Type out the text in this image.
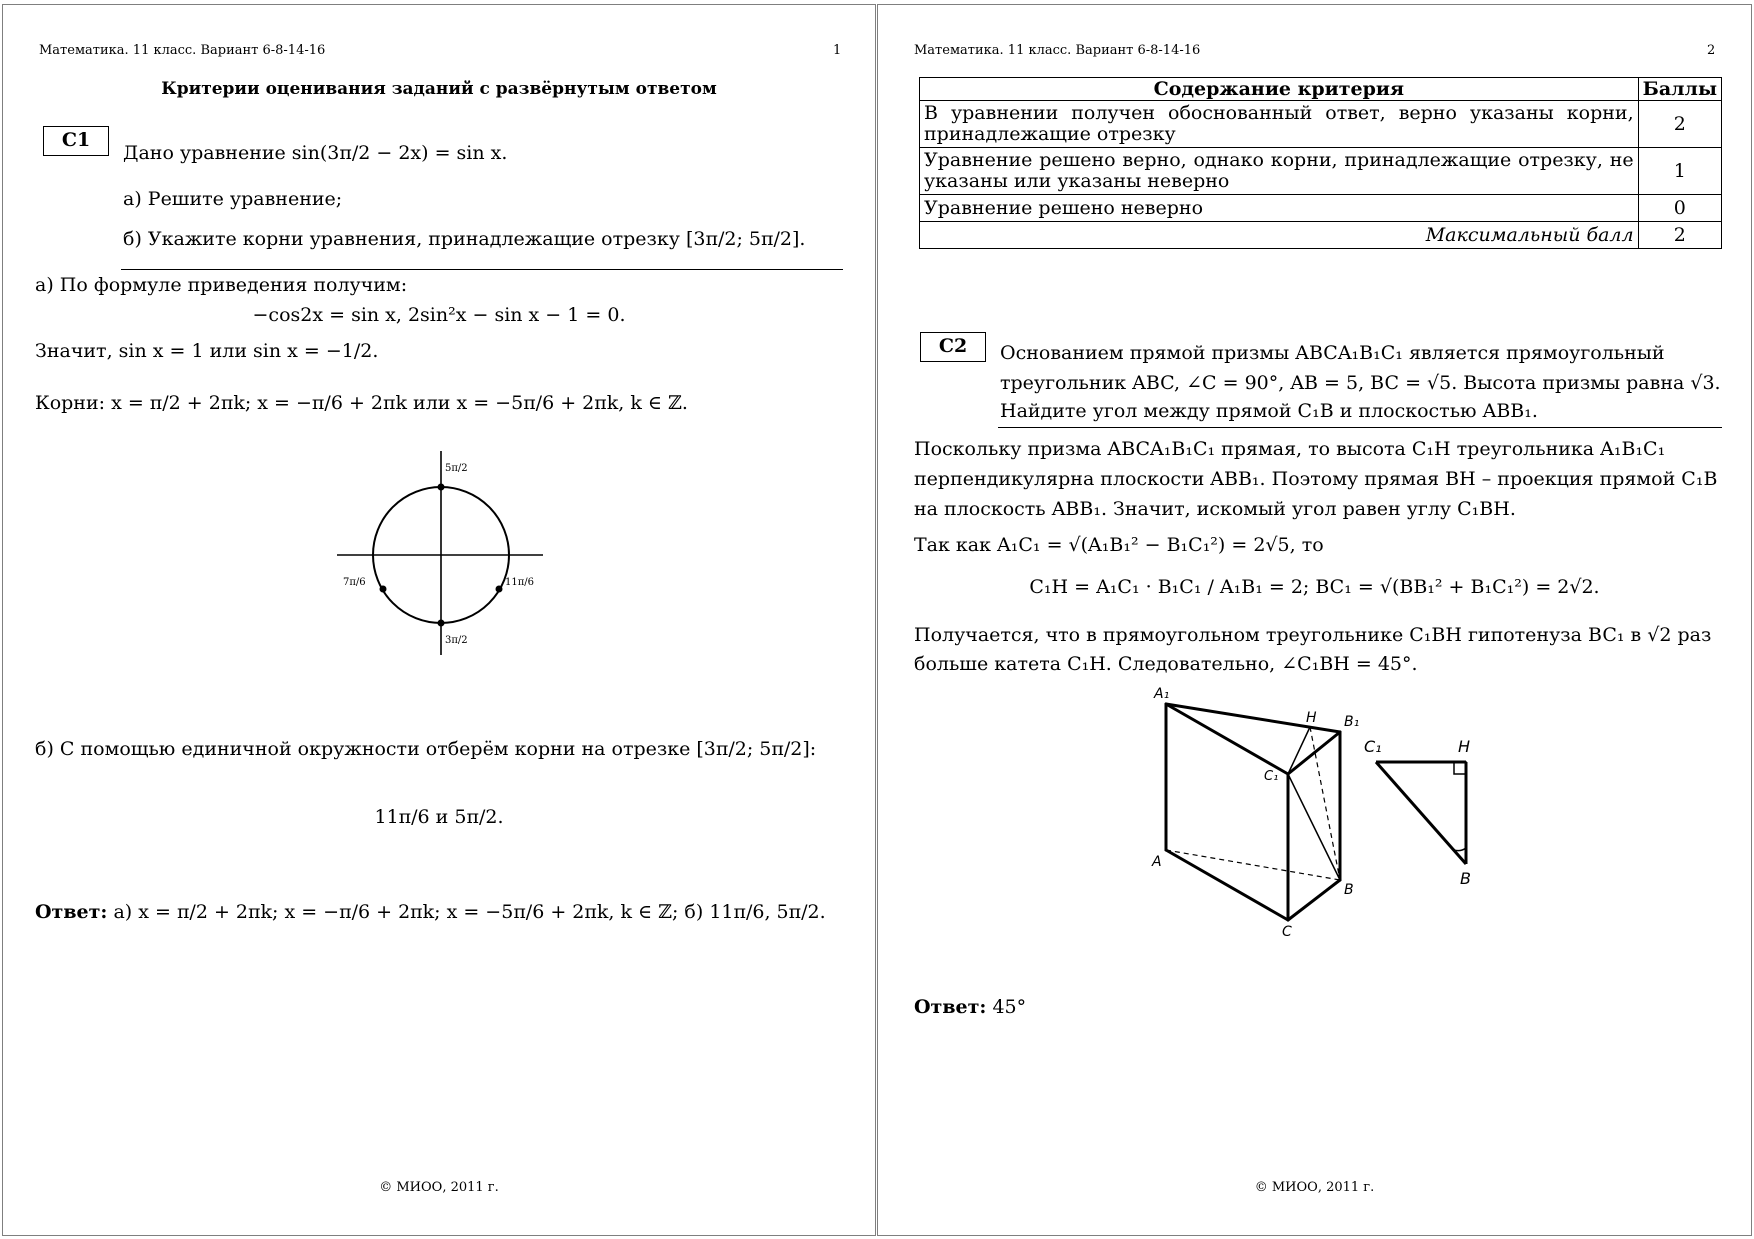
Математика. 11 класс. Вариант 6-8-14-16	1
Критерии оценивания заданий с развёрнутым ответом
C1
Дано уравнение sin(3π/2 − 2x) = sin x.
а) Решите уравнение;
б) Укажите корни уравнения, принадлежащие отрезку [3π/2; 5π/2].
а) По формуле приведения получим:
−cos2x = sin x, 2sin²x − sin x − 1 = 0.
Значит, sin x = 1 или sin x = −1/2.
Корни: x = π/2 + 2πk; x = −π/6 + 2πk или x = −5π/6 + 2πk, k ∈ ℤ.
5π/2
3π/2
7π/6	11π/6
б) С помощью единичной окружности отберём корни на отрезке [3π/2; 5π/2]:
11π/6 и 5π/2.
Ответ: а) x = π/2 + 2πk; x = −π/6 + 2πk; x = −5π/6 + 2πk, k ∈ ℤ; б) 11π/6, 5π/2.
© МИОО, 2011 г.
Математика. 11 класс. Вариант 6-8-14-16	2
Содержание критерия	Баллы

В уравнении получен обоснованный ответ, верно указаны корни, принадлежащие отрезку	2

Уравнение решено верно, однако корни, принадлежащие отрезку, не указаны или указаны неверно	1

Уравнение решено неверно	0
Максимальный балл	2
C2	Основанием прямой призмы ABCA₁B₁C₁ является прямоугольный
треугольник ABC, ∠C = 90°, AB = 5, BC = √5. Высота призмы равна √3.
Найдите угол между прямой C₁B и плоскостью ABB₁.
Поскольку призма ABCA₁B₁C₁ прямая, то высота C₁H треугольника A₁B₁C₁
перпендикулярна плоскости ABB₁. Поэтому прямая BH – проекция прямой C₁B
на плоскость ABB₁. Значит, искомый угол равен углу C₁BH.
Так как A₁C₁ = √(A₁B₁² − B₁C₁²) = 2√5, то
C₁H = A₁C₁ · B₁C₁ / A₁B₁ = 2; BC₁ = √(BB₁² + B₁C₁²) = 2√2.
Получается, что в прямоугольном треугольнике C₁BH гипотенуза BC₁ в √2 раз
больше катета C₁H. Следовательно, ∠C₁BH = 45°.
A₁
H B₁
C₁
A
B
C
C₁	H
B
Ответ: 45°
© МИОО, 2011 г.
